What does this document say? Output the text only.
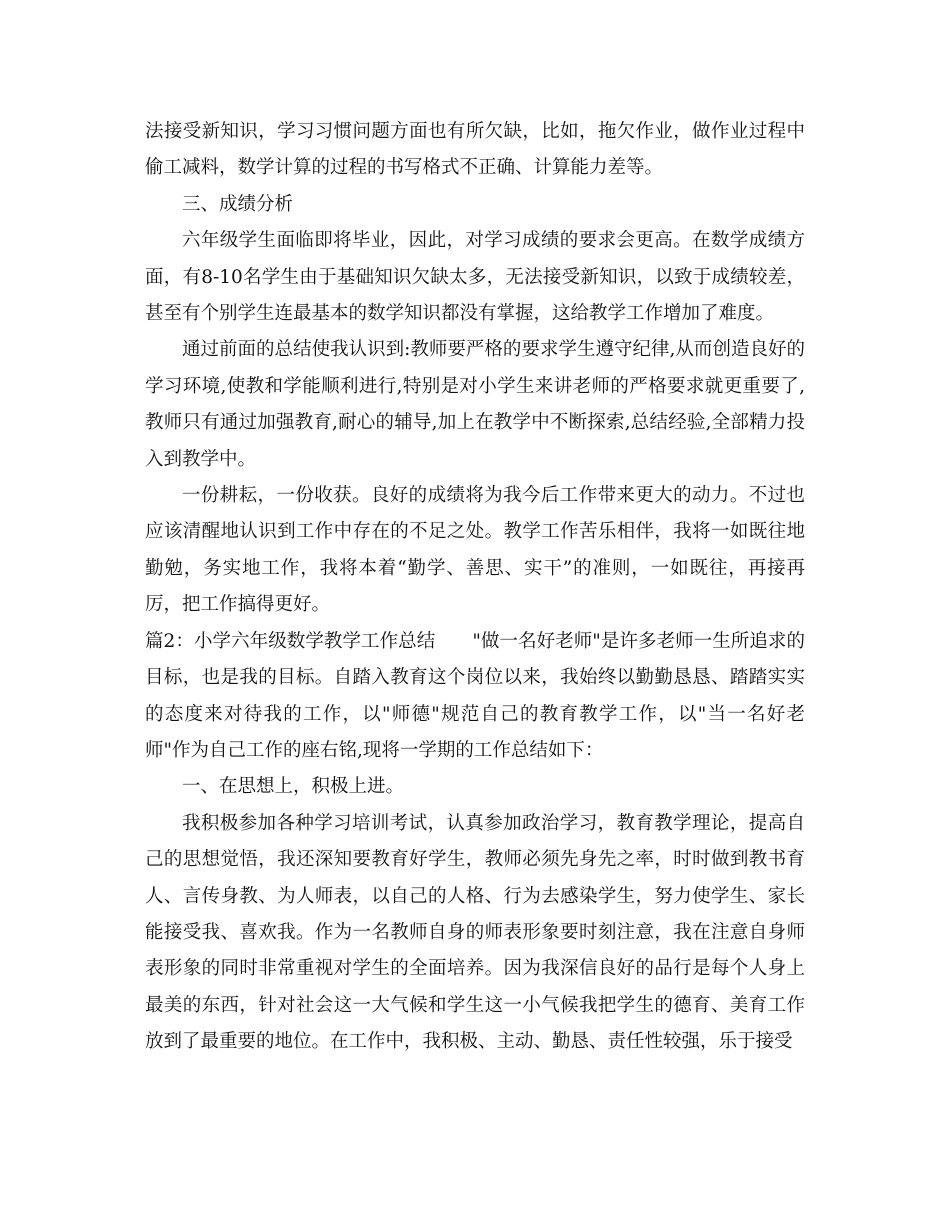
法接受新知识，学习习惯问题方面也有所欠缺，比如，拖欠作业，做作业过程中偷工减料，数学计算的过程的书写格式不正确、计算能力差等。

三、成绩分析

六年级学生面临即将毕业，因此，对学习成绩的要求会更高。在数学成绩方面，有8-10名学生由于基础知识欠缺太多，无法接受新知识，以致于成绩较差，甚至有个别学生连最基本的数学知识都没有掌握，这给教学工作增加了难度。

通过前面的总结使我认识到:教师要严格的要求学生遵守纪律,从而创造良好的学习环境,使教和学能顺利进行,特别是对小学生来讲老师的严格要求就更重要了,教师只有通过加强教育,耐心的辅导,加上在教学中不断探索,总结经验,全部精力投入到教学中。

一份耕耘，一份收获。良好的成绩将为我今后工作带来更大的动力。不过也应该清醒地认识到工作中存在的不足之处。教学工作苦乐相伴，我将一如既往地勤勉，务实地工作，我将本着“勤学、善思、实干”的准则，一如既往，再接再厉，把工作搞得更好。

篇2：小学六年级数学教学工作总结　　"做一名好老师"是许多老师一生所追求的目标，也是我的目标。自踏入教育这个岗位以来，我始终以勤勤恳恳、踏踏实实的态度来对待我的工作，以"师德"规范自己的教育教学工作，以"当一名好老师"作为自己工作的座右铭,现将一学期的工作总结如下：

一、在思想上，积极上进。

我积极参加各种学习培训考试，认真参加政治学习，教育教学理论，提高自己的思想觉悟，我还深知要教育好学生，教师必须先身先之率，时时做到教书育人、言传身教、为人师表，以自己的人格、行为去感染学生，努力使学生、家长能接受我、喜欢我。作为一名教师自身的师表形象要时刻注意，我在注意自身师表形象的同时非常重视对学生的全面培养。因为我深信良好的品行是每个人身上最美的东西，针对社会这一大气候和学生这一小气候我把学生的德育、美育工作放到了最重要的地位。在工作中，我积极、主动、勤恳、责任性较强，乐于接受
